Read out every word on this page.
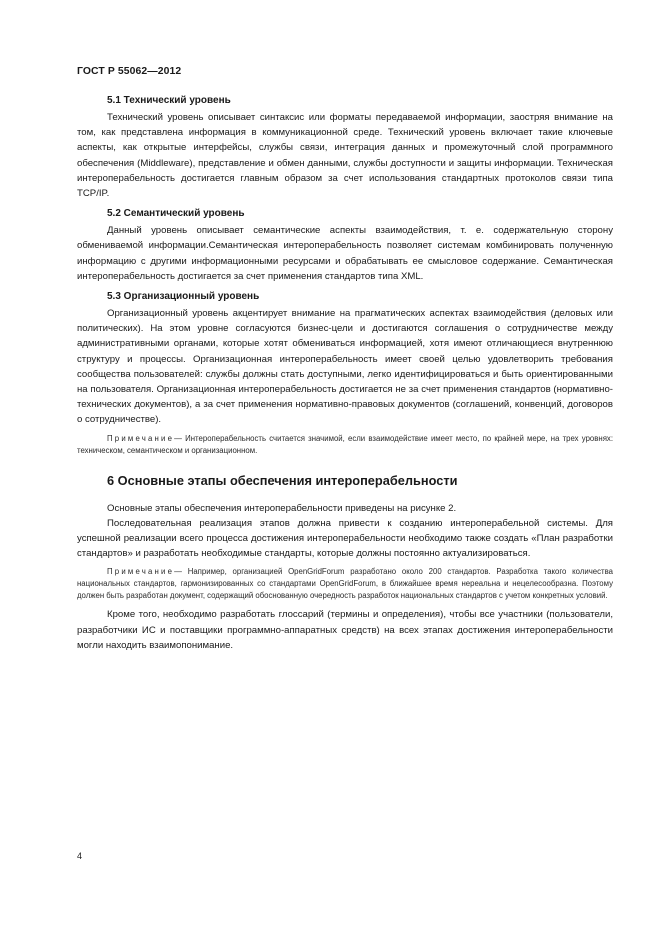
ГОСТ Р 55062—2012
5.1 Технический уровень

Технический уровень описывает синтаксис или форматы передаваемой информации, заостряя внимание на том, как представлена информация в коммуникационной среде. Технический уровень включает такие ключевые аспекты, как открытые интерфейсы, службы связи, интеграция данных и промежуточный слой программного обеспечения (Middleware), представление и обмен данными, службы доступности и защиты информации. Техническая интероперабельность достигается главным образом за счет использования стандартных протоколов связи типа TCP/IP.

5.2 Семантический уровень

Данный уровень описывает семантические аспекты взаимодействия, т. е. содержательную сторону обмениваемой информации.Семантическая интероперабельность позволяет системам комбинировать полученную информацию с другими информационными ресурсами и обрабатывать ее смысловое содержание. Семантическая интероперабельность достигается за счет применения стандартов типа XML.

5.3 Организационный уровень

Организационный уровень акцентирует внимание на прагматических аспектах взаимодействия (деловых или политических). На этом уровне согласуются бизнес-цели и достигаются соглашения о сотрудничестве между административными органами, которые хотят обмениваться информацией, хотя имеют отличающиеся внутреннюю структуру и процессы. Организационная интероперабельность имеет своей целью удовлетворить требования сообщества пользователей: службы должны стать доступными, легко идентифицироваться и быть ориентированными на пользователя. Организационная интероперабельность достигается не за счет применения стандартов (нормативно-технических документов), а за счет применения нормативно-правовых документов (соглашений, конвенций, договоров о сотрудничестве).

Примечание— Интероперабельность считается значимой, если взаимодействие имеет место, по крайней мере, на трех уровнях: техническом, семантическом и организационном.

6 Основные этапы обеспечения интероперабельности

Основные этапы обеспечения интероперабельности приведены на рисунке 2.

Последовательная реализация этапов должна привести к созданию интероперабельной системы. Для успешной реализации всего процесса достижения интероперабельности необходимо также создать «План разработки стандартов» и разработать необходимые стандарты, которые должны постоянно актуализироваться.

Примечание— Например, организацией OpenGridForum разработано около 200 стандартов. Разработка такого количества национальных стандартов, гармонизированных со стандартами OpenGridForum, в ближайшее время нереальна и нецелесообразна. Поэтому должен быть разработан документ, содержащий обоснованную очередность разработок национальных стандартов с учетом конкретных условий.

Кроме того, необходимо разработать глоссарий (термины и определения), чтобы все участники (пользователи, разработчики ИС и поставщики программно-аппаратных средств) на всех этапах достижения интероперабельности могли находить взаимопонимание.

4
